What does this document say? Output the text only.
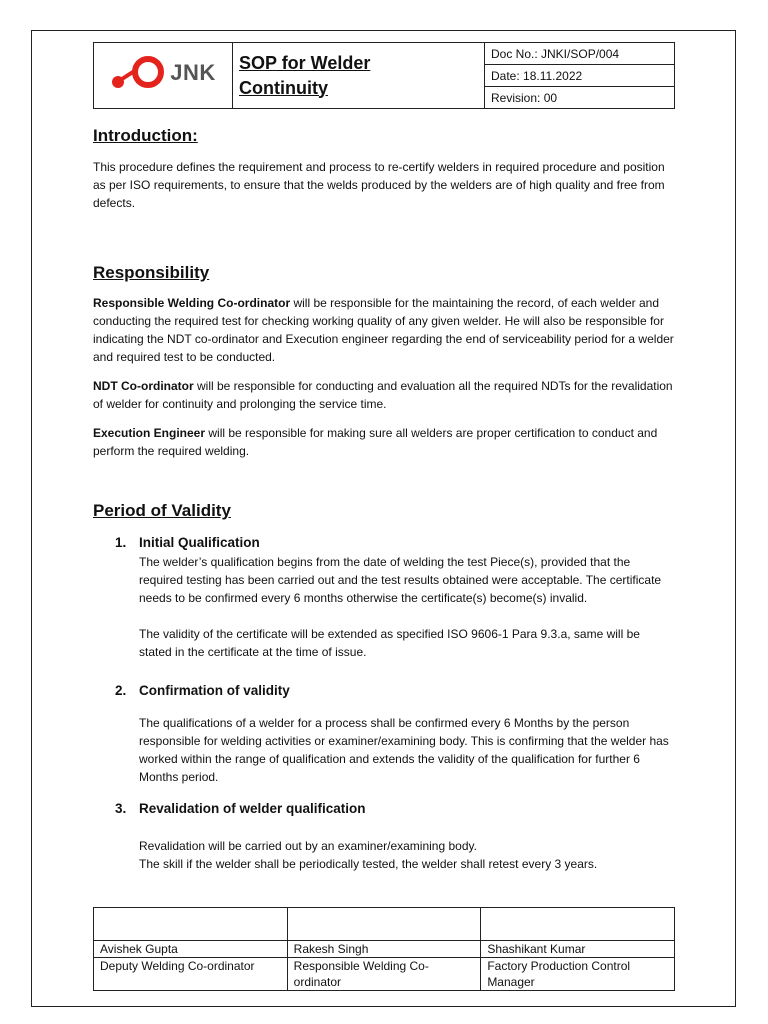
JNK	SOP for Welder
Continuity
	Doc No.: JNKI/SOP/004
Date: 18.11.2022
Revision: 00
Introduction:

This procedure defines the requirement and process to re-certify welders in required procedure and position as per ISO requirements, to ensure that the welds produced by the welders are of high quality and free from defects.

Responsibility

Responsible Welding Co-ordinator will be responsible for the maintaining the record, of each welder and conducting the required test for checking working quality of any given welder. He will also be responsible for indicating the NDT co-ordinator and Execution engineer regarding the end of serviceability period for a welder and required test to be conducted.

NDT Co-ordinator will be responsible for conducting and evaluation all the required NDTs for the revalidation of welder for continuity and prolonging the service time.

Execution Engineer will be responsible for making sure all welders are proper certification to conduct and perform the required welding.

Period of Validity
1. Initial Qualification

The welder’s qualification begins from the date of welding the test Piece(s), provided that the required testing has been carried out and the test results obtained were acceptable. The certificate needs to be confirmed every 6 months otherwise the certificate(s) become(s) invalid.

The validity of the certificate will be extended as specified ISO 9606-1 Para 9.3.a, same will be stated in the certificate at the time of issue.

2. Confirmation of validity

The qualifications of a welder for a process shall be confirmed every 6 Months by the person responsible for welding activities or examiner/examining body. This is confirming that the welder has worked within the range of qualification and extends the validity of the qualification for further 6 Months period.

3. Revalidation of welder qualification

Revalidation will be carried out by an examiner/examining body.

The skill if the welder shall be periodically tested, the welder shall retest every 3 years.

Avishek Gupta	Rakesh Singh	Shashikant Kumar
Deputy Welding Co-ordinator	Responsible Welding Co-ordinator	Factory Production Control Manager
